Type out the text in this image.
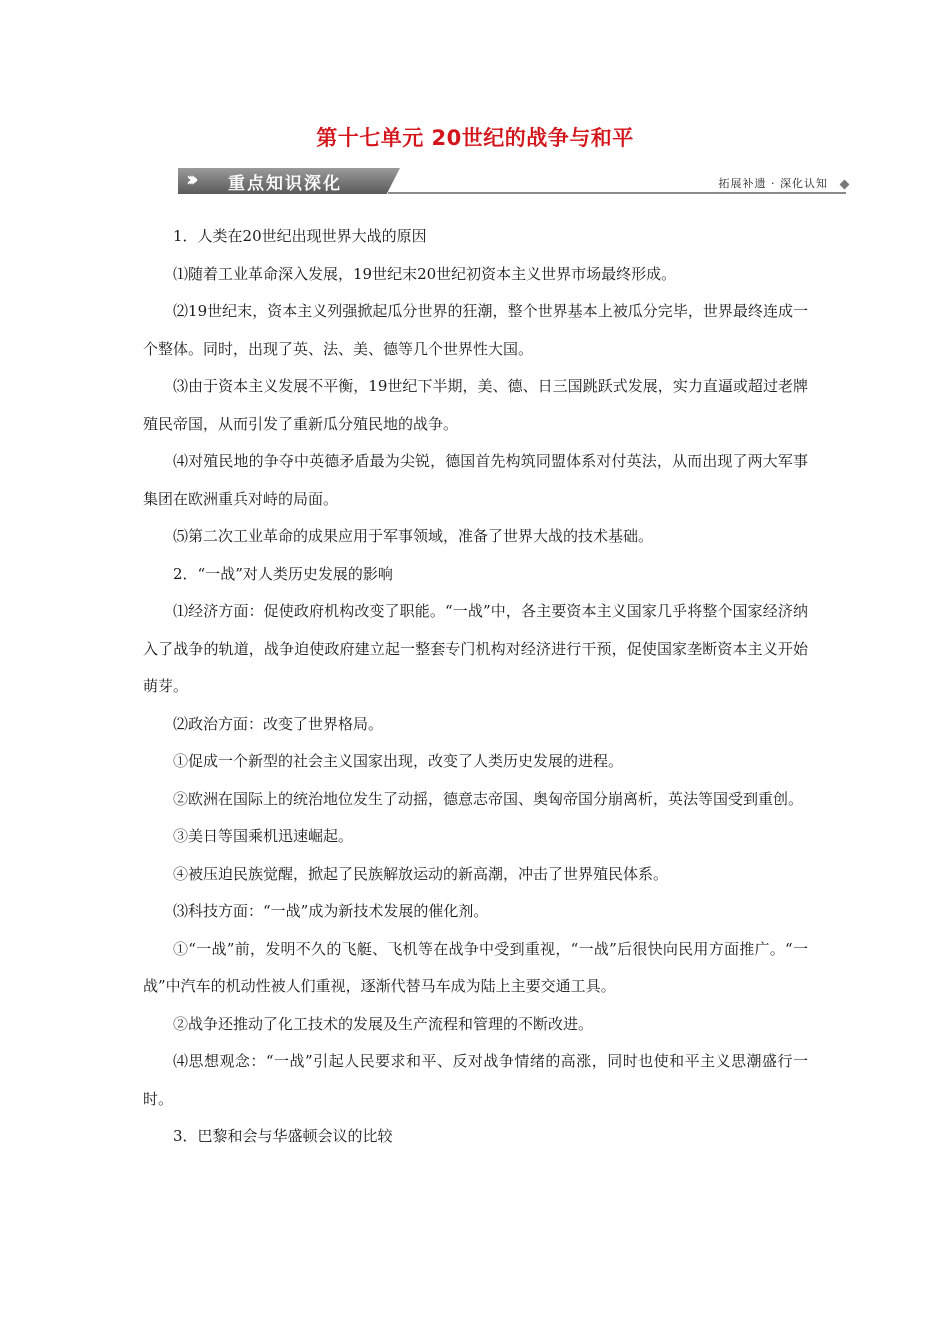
第十七单元 20世纪的战争与和平
››› 重点知识深化	拓展补遗 · 深化认知

1．人类在20世纪出现世界大战的原因

⑴随着工业革命深入发展，19世纪末20世纪初资本主义世界市场最终形成。

⑵19世纪末，资本主义列强掀起瓜分世界的狂潮，整个世界基本上被瓜分完毕，世界最终连成一个整体。同时，出现了英、法、美、德等几个世界性大国。

⑶由于资本主义发展不平衡，19世纪下半期，美、德、日三国跳跃式发展，实力直逼或超过老牌殖民帝国，从而引发了重新瓜分殖民地的战争。

⑷对殖民地的争夺中英德矛盾最为尖锐，德国首先构筑同盟体系对付英法，从而出现了两大军事集团在欧洲重兵对峙的局面。

⑸第二次工业革命的成果应用于军事领域，准备了世界大战的技术基础。

2．“一战”对人类历史发展的影响

⑴经济方面：促使政府机构改变了职能。“一战”中，各主要资本主义国家几乎将整个国家经济纳入了战争的轨道，战争迫使政府建立起一整套专门机构对经济进行干预，促使国家垄断资本主义开始萌芽。

⑵政治方面：改变了世界格局。

①促成一个新型的社会主义国家出现，改变了人类历史发展的进程。

②欧洲在国际上的统治地位发生了动摇，德意志帝国、奥匈帝国分崩离析，英法等国受到重创。

③美日等国乘机迅速崛起。

④被压迫民族觉醒，掀起了民族解放运动的新高潮，冲击了世界殖民体系。

⑶科技方面：“一战”成为新技术发展的催化剂。

①“一战”前，发明不久的飞艇、飞机等在战争中受到重视，“一战”后很快向民用方面推广。“一战”中汽车的机动性被人们重视，逐渐代替马车成为陆上主要交通工具。

②战争还推动了化工技术的发展及生产流程和管理的不断改进。

⑷思想观念：“一战”引起人民要求和平、反对战争情绪的高涨，同时也使和平主义思潮盛行一时。

3．巴黎和会与华盛顿会议的比较
